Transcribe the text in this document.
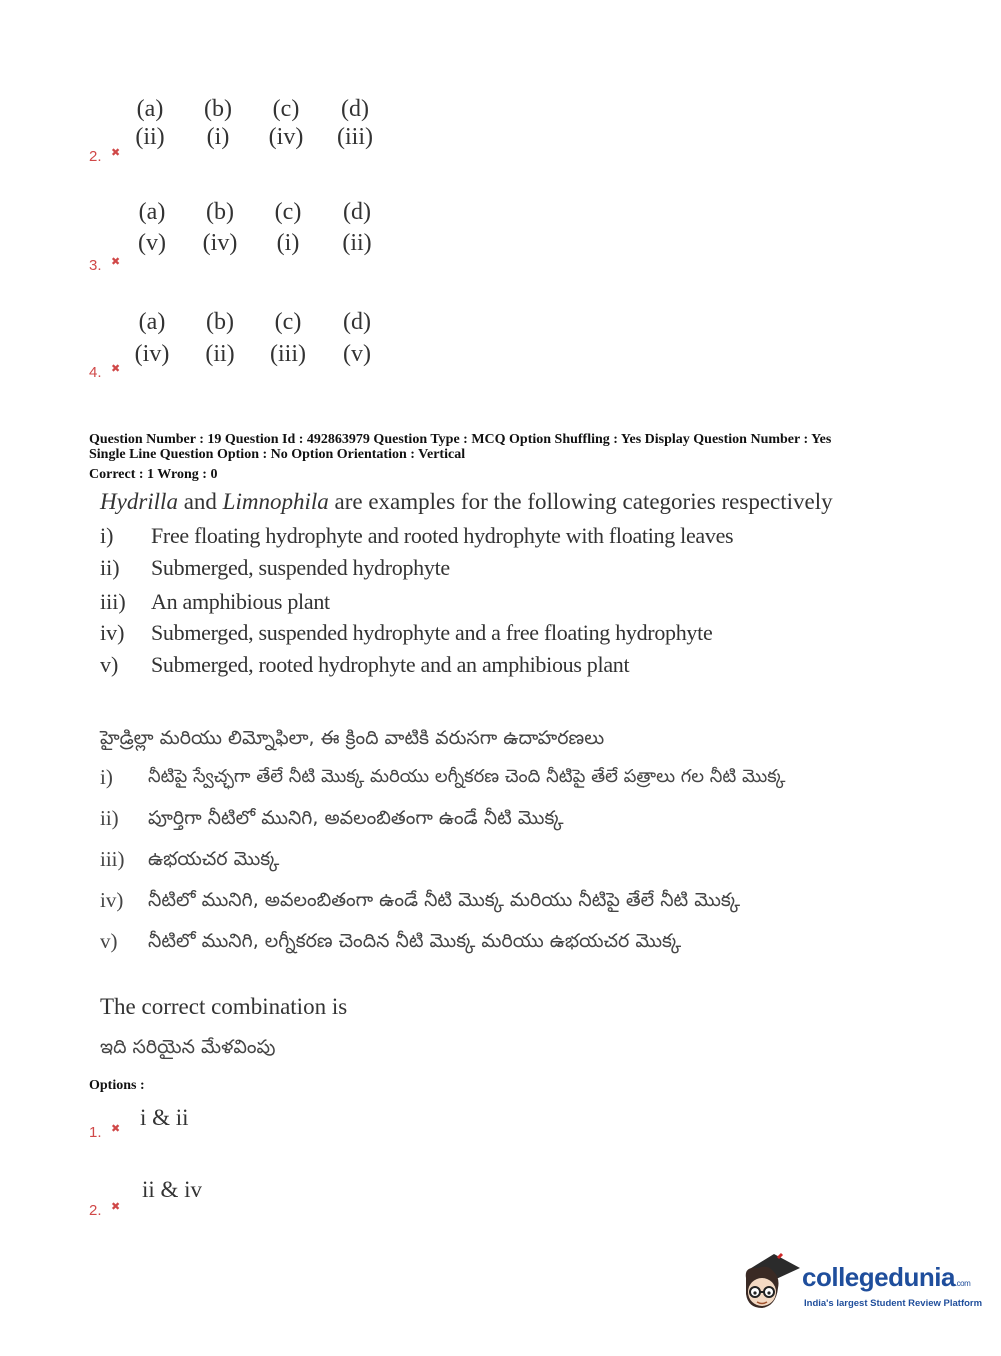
(a)	(b)	(c)	(d)
(ii)	(i)	(iv)	(iii)
2. ✖
(a)	(b)	(c)	(d)
(v)	(iv)	(i)	(ii)
3. ✖
(a)	(b)	(c)	(d)
(iv)	(ii)	(iii)	(v)
4. ✖
Question Number : 19 Question Id : 492863979 Question Type : MCQ Option Shuffling : Yes Display Question Number : Yes
Single Line Question Option : No Option Orientation : Vertical
Correct : 1 Wrong : 0
Hydrilla and Limnophila are examples for the following categories respectively
i) Free floating hydrophyte and rooted hydrophyte with floating leaves
ii) Submerged, suspended hydrophyte
iii) An amphibious plant
iv) Submerged, suspended hydrophyte and a free floating hydrophyte
v) Submerged, rooted hydrophyte and an amphibious plant
హైడ్రిల్లా మరియు లిమ్నోఫిలా, ఈ క్రింది వాటికి వరుసగా ఉదాహరణలు
i) నీటిపై స్వేచ్ఛగా తేలే నీటి మొక్క మరియు లగ్నీకరణ చెంది నీటిపై తేలే పత్రాలు గల నీటి మొక్క
ii) పూర్తిగా నీటిలో మునిగి, అవలంబితంగా ఉండే నీటి మొక్క
iii) ఉభయచర మొక్క
iv) నీటిలో మునిగి, అవలంబితంగా ఉండే నీటి మొక్క మరియు నీటిపై తేలే నీటి మొక్క
v) నీటిలో మునిగి, లగ్నీకరణ చెందిన నీటి మొక్క మరియు ఉభయచర మొక్క
The correct combination is
ఇది సరియైన మేళవింపు
Options :
i & ii
1. ✖
ii & iv
2. ✖
collegedunia.com
India's largest Student Review Platform
